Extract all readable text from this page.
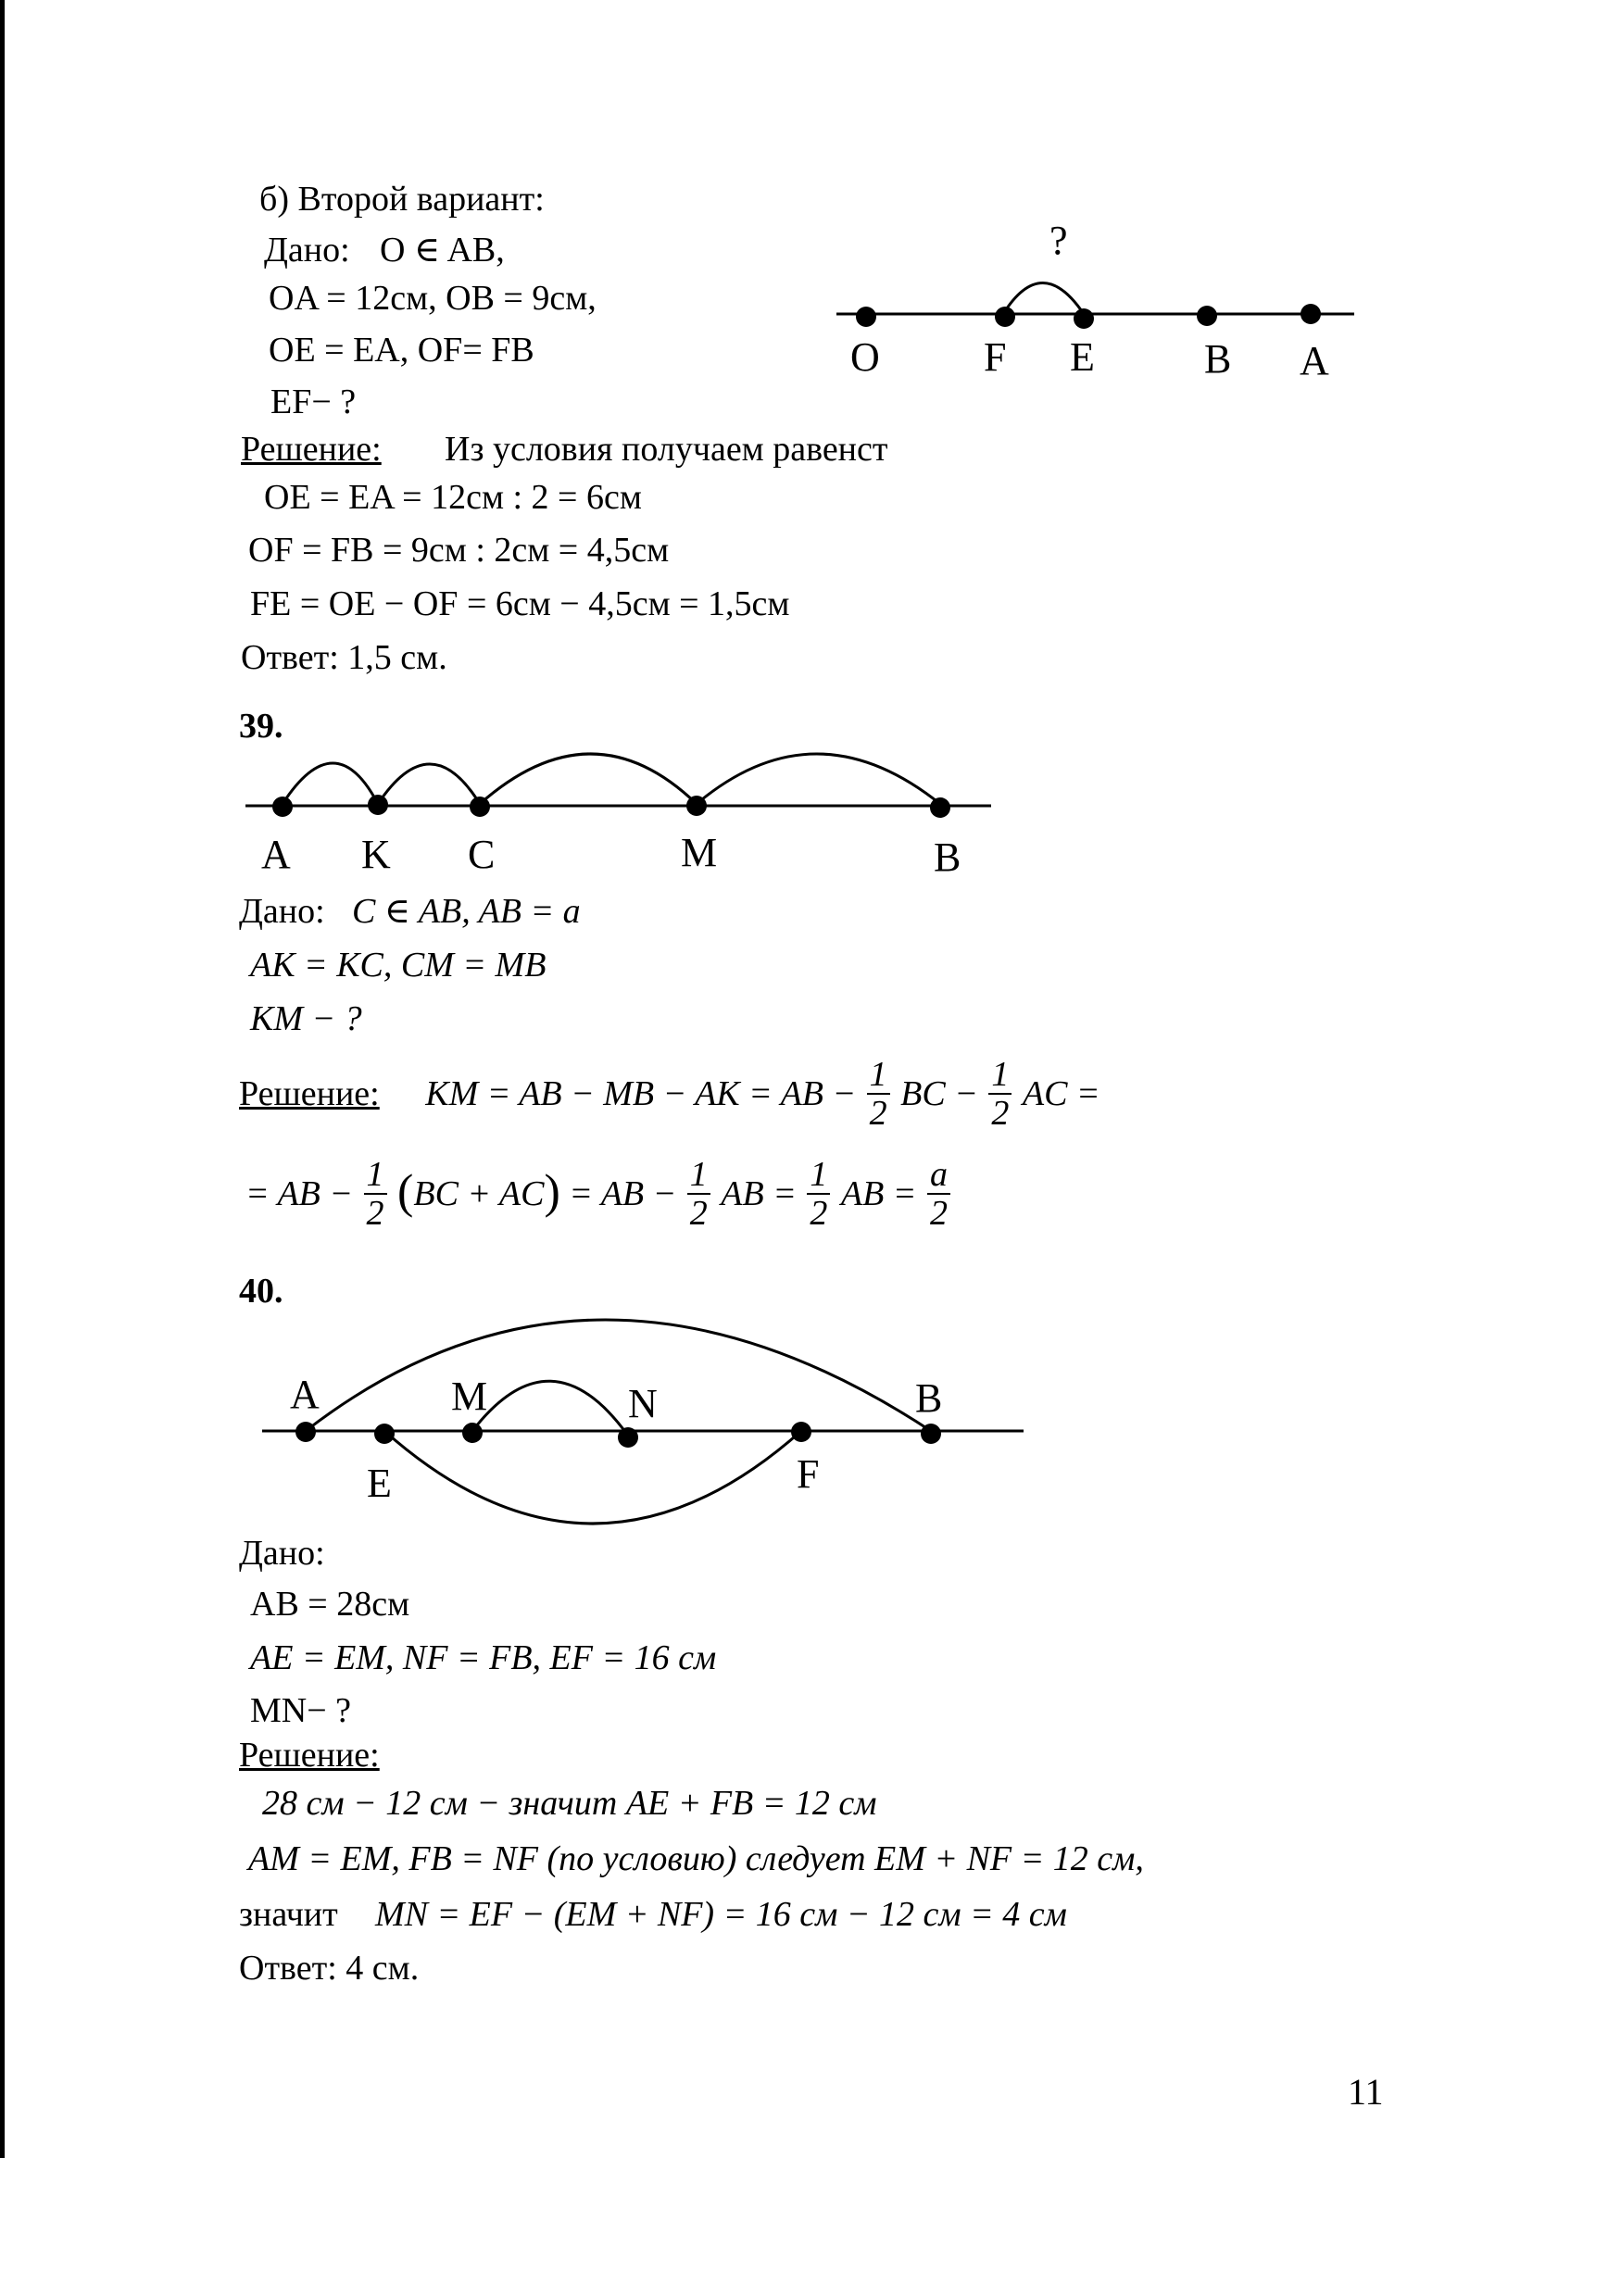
б) Второй вариант:
Дано: O ∈ AB,
OA = 12см, OB = 9см,
OE = EA, OF= FB
EF− ?
Решение: Из условия получаем равенст
OE = EA = 12см : 2 = 6см
OF = FB = 9см : 2см = 4,5см
FE = OE − OF = 6см − 4,5см = 1,5см
Ответ: 1,5 см.
?
O	F E	B A
A K C	M	B
A	M	N	B
E	F
39.
Дано: C ∈ AB, AB = a
AK = KC, CM = MB
KM − ?
Решение: KM = AB − MB − AK = AB − $\frac{1}{2}$ BC − $\frac{1}{2}$ AC =
= AB − $\frac{1}{2} (BC + AC)$ = AB − $\frac{1}{2}$ AB = $\frac{1}{2}$ AB = $\frac{a}{2}$
40.
Дано:
AB = 28см
AE = EM, NF = FB, EF = 16 см
MN− ?
Решение:
28 см − 12 см − значит AE + FB = 12 см
AM = EM, FB = NF (по условию) следует EM + NF = 12 см,
значит MN = EF − (EM + NF) = 16 см − 12 см = 4 см
Ответ: 4 см.
11
